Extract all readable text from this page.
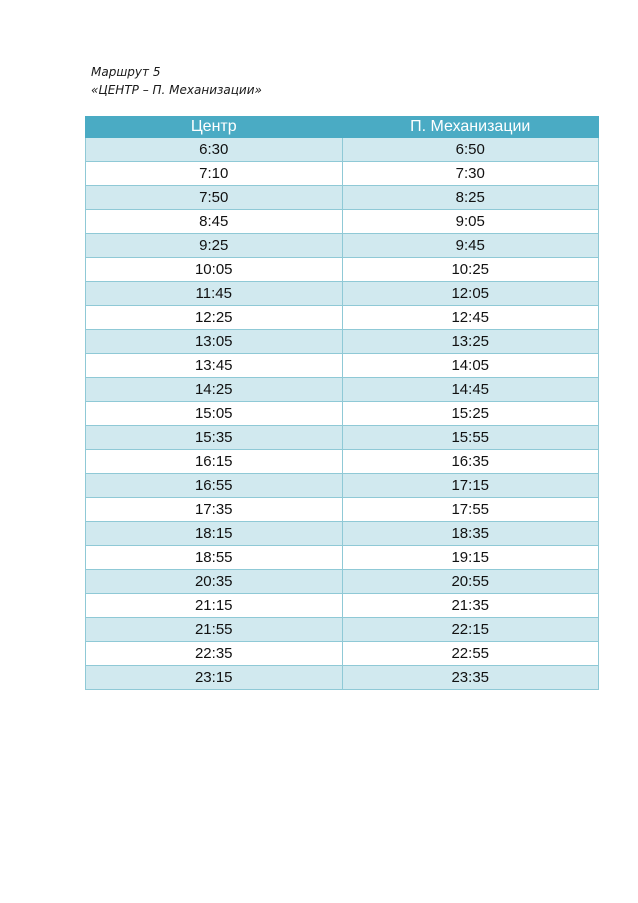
Маршрут 5
«ЦЕНТР – П. Механизации»
Центр	П. Механизации
6:30	6:50
7:10	7:30
7:50	8:25
8:45	9:05
9:25	9:45
10:05	10:25
11:45	12:05
12:25	12:45
13:05	13:25
13:45	14:05
14:25	14:45
15:05	15:25
15:35	15:55
16:15	16:35
16:55	17:15
17:35	17:55
18:15	18:35
18:55	19:15
20:35	20:55
21:15	21:35
21:55	22:15
22:35	22:55
23:15	23:35
